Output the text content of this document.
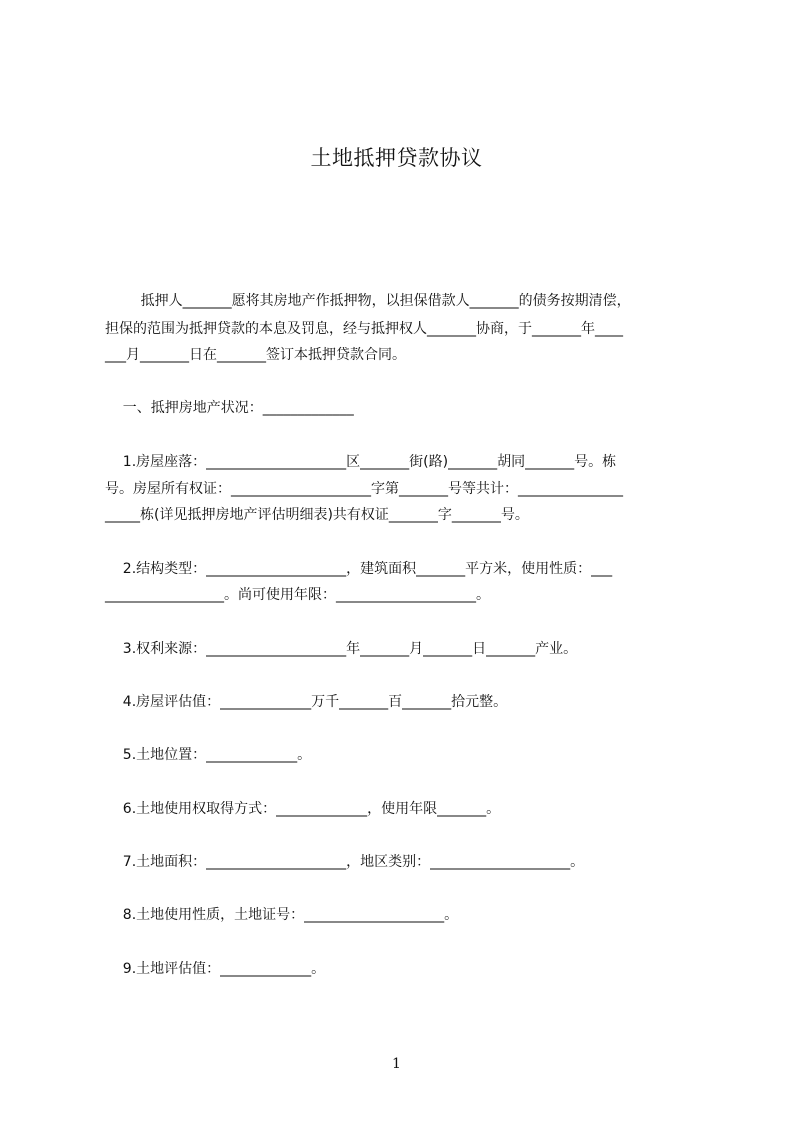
土地抵押贷款协议
抵押人_______愿将其房地产作抵押物，以担保借款人_______的债务按期清偿，
担保的范围为抵押贷款的本息及罚息，经与抵押权人_______协商，于_______年____
___月_______日在_______签订本抵押贷款合同。
一、抵押房地产状况：_____________
1.房屋座落：____________________区_______街(路)_______胡同_______号。栋
号。房屋所有权证：____________________字第_______号等共计：_______________
_____栋(详见抵押房地产评估明细表)共有权证_______字_______号。
2.结构类型：____________________，建筑面积_______平方米，使用性质：___
_________________。尚可使用年限：____________________。
3.权利来源：____________________年_______月_______日_______产业。
4.房屋评估值：_____________万千_______百_______拾元整。
5.土地位置：_____________。
6.土地使用权取得方式：_____________，使用年限_______。
7.土地面积：____________________，地区类别：____________________。
8.土地使用性质，土地证号：____________________。
9.土地评估值：_____________。
1
